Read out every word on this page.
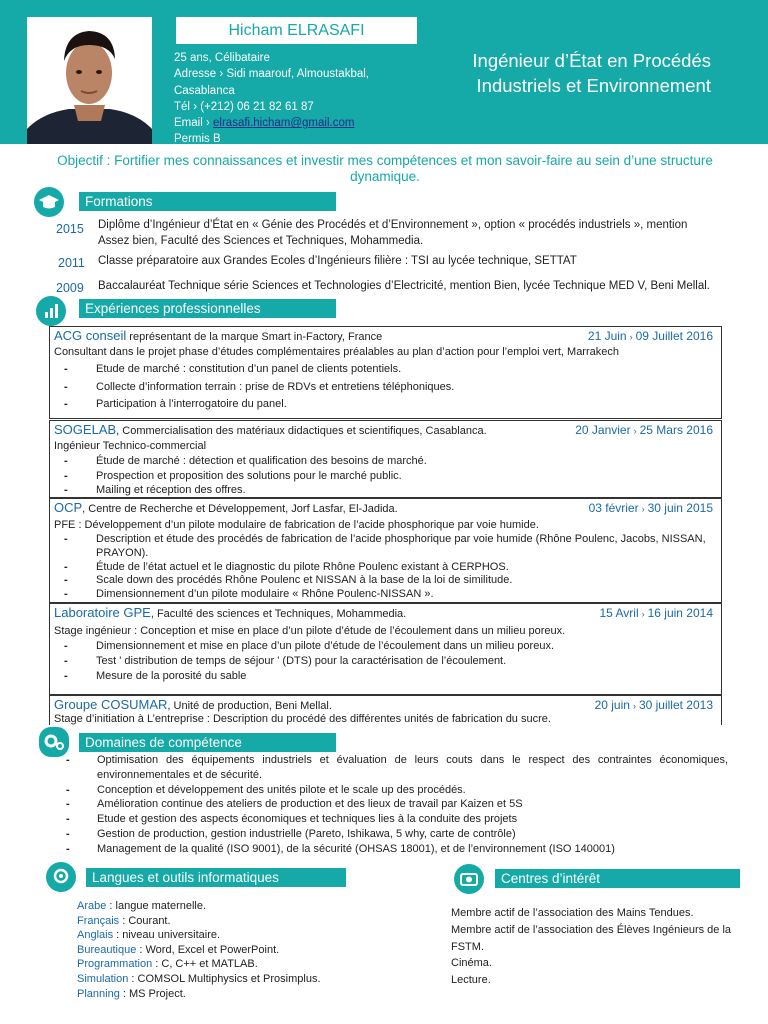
Hicham ELRASAFI
25 ans, Célibataire
Adresse › Sidi maarouf, Almoustakbal, Casablanca
Tél › (+212) 06 21 82 61 87
Email › elrasafi.hicham@gmail.com
Permis B
Ingénieur d’État en Procédés Industriels et Environnement
Objectif : Fortifier mes connaissances et investir mes compétences et mon savoir-faire au sein d’une structure dynamique.
Formations
2015 Diplôme d’Ingénieur d’État en « Génie des Procédés et d’Environnement », option « procédés industriels », mention Assez bien, Faculté des Sciences et Techniques, Mohammedia.
2011 Classe préparatoire aux Grandes Ecoles d’Ingénieurs filière : TSI au lycée technique, SETTAT
2009 Baccalauréat Technique série Sciences et Technologies d’Electricité, mention Bien, lycée Technique MED V, Beni Mellal.
Expériences professionnelles
ACG conseil représentant de la marque Smart in-Factory, France	21 Juin › 09 Juillet 2016
Consultant dans le projet phase d’études complémentaires préalables au plan d’action pour l’emploi vert, Marrakech
- Etude de marché : constitution d’un panel de clients potentiels.
- Collecte d’information terrain : prise de RDVs et entretiens téléphoniques.
- Participation à l’interrogatoire du panel.
SOGELAB, Commercialisation des matériaux didactiques et scientifiques, Casablanca.	20 Janvier › 25 Mars 2016
Ingénieur Technico-commercial
- Étude de marché : détection et qualification des besoins de marché.
- Prospection et proposition des solutions pour le marché public.
- Mailing et réception des offres.
OCP, Centre de Recherche et Développement, Jorf Lasfar, El-Jadida.	03 février › 30 juin 2015
PFE : Développement d’un pilote modulaire de fabrication de l’acide phosphorique par voie humide.
- Description et étude des procédés de fabrication de l’acide phosphorique par voie humide (Rhône Poulenc, Jacobs, NISSAN, PRAYON).
- Étude de l’état actuel et le diagnostic du pilote Rhône Poulenc existant à CERPHOS.
- Scale down des procédés Rhône Poulenc et NISSAN à la base de la loi de similitude.
- Dimensionnement d’un pilote modulaire « Rhône Poulenc-NISSAN ».
Laboratoire GPE, Faculté des sciences et Techniques, Mohammedia.	15 Avril › 16 juin 2014
Stage ingénieur : Conception et mise en place d’un pilote d’étude de l’écoulement dans un milieu poreux.
- Dimensionnement et mise en place d’un pilote d’étude de l’écoulement dans un milieu poreux.
- Test ' distribution de temps de séjour ' (DTS) pour la caractérisation de l’écoulement.
- Mesure de la porosité du sable
Groupe COSUMAR, Unité de production, Beni Mellal.	20 juin › 30 juillet 2013
Stage d’initiation à L’entreprise : Description du procédé des différentes unités de fabrication du sucre.
Domaines de compétence
- Optimisation des équipements industriels et évaluation de leurs couts dans le respect des contraintes économiques, environnementales et de sécurité.
- Conception et développement des unités pilote et le scale up des procédés.
- Amélioration continue des ateliers de production et des lieux de travail par Kaizen et 5S
- Etude et gestion des aspects économiques et techniques lies à la conduite des projets
- Gestion de production, gestion industrielle (Pareto, Ishikawa, 5 why, carte de contrôle)
- Management de la qualité (ISO 9001), de la sécurité (OHSAS 18001), et de l’environnement (ISO 140001)
Langues et outils informatiques
Arabe : langue maternelle.
Français : Courant.
Anglais : niveau universitaire.
Bureautique : Word, Excel et PowerPoint.
Programmation : C, C++ et MATLAB.
Simulation : COMSOL Multiphysics et Prosimplus.
Planning : MS Project.
Centres d’intérêt
Membre actif de l’association des Mains Tendues.
Membre actif de l’association des Élèves Ingénieurs de la FSTM.
Cinéma.
Lecture.
